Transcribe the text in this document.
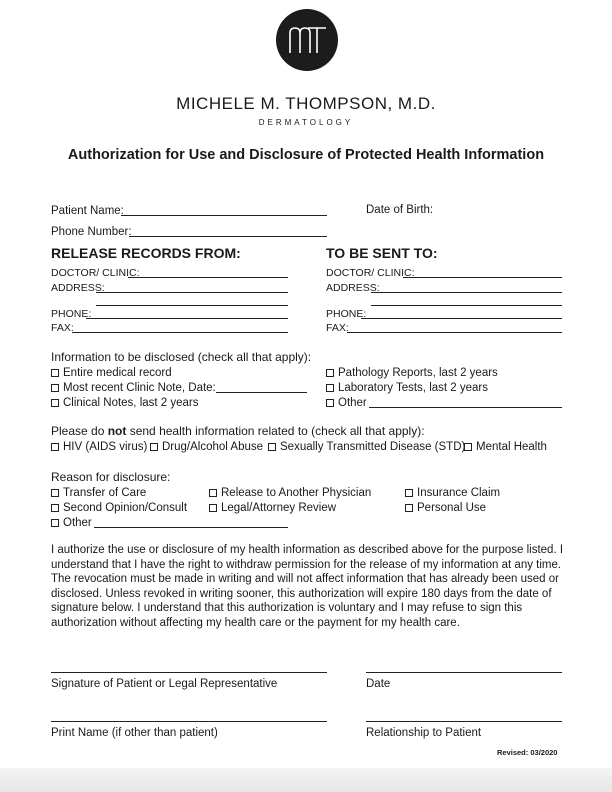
MICHELE M. THOMPSON, M.D.
DERMATOLOGY
Authorization for Use and Disclosure of Protected Health Information
Patient Name:	Date of Birth:
Phone Number:
RELEASE RECORDS FROM:
DOCTOR/ CLINIC:
ADDRESS:
PHONE:
FAX:
TO BE SENT TO:
DOCTOR/ CLINIC:
ADDRESS:
PHONE:
FAX:
Information to be disclosed (check all that apply):
Entire medical record
Most recent Clinic Note, Date:
Clinical Notes, last 2 years
Pathology Reports, last 2 years
Laboratory Tests, last 2 years
Other
Please do not send health information related to (check all that apply):
HIV (AIDS virus)	Drug/Alcohol Abuse	Sexually Transmitted Disease (STD) Mental Health
Reason for disclosure:
Transfer of Care	Release to Another Physician	Insurance Claim
Second Opinion/Consult	Legal/Attorney Review	Personal Use
Other
I authorize the use or disclosure of my health information as described above for the purpose listed. I understand that I have the right to withdraw permission for the release of my information at any time. The revocation must be made in writing and will not affect information that has already been used or disclosed. Unless revoked in writing sooner, this authorization will expire 180 days from the date of signature below. I understand that this authorization is voluntary and I may refuse to sign this authorization without affecting my health care or the payment for my health care.
Signature of Patient or Legal Representative	Date
Print Name (if other than patient)	Relationship to Patient
Revised: 03/2020
